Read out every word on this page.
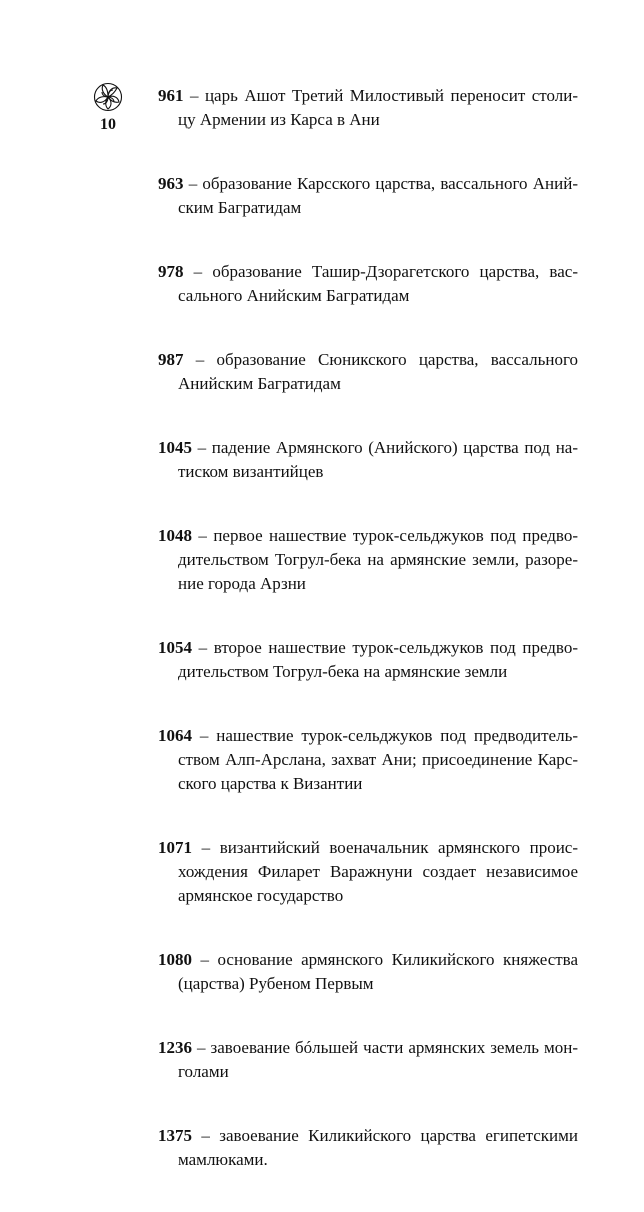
10
961 – царь Ашот Третий Милостивый переносит столи-
цу Армении из Карса в Ани
963 – образование Карсского царства, вассального Аний-
ским Багратидам
978 – образование Ташир-Дзорагетского царства, вас-
сального Анийским Багратидам
987 – образование Сюникского царства, вассального
Анийским Багратидам
1045 – падение Армянского (Анийского) царства под на-
тиском византийцев
1048 – первое нашествие турок-сельджуков под предво-
дительством Тогрул-бека на армянские земли, разоре-
ние города Арзни
1054 – второе нашествие турок-сельджуков под предво-
дительством Тогрул-бека на армянские земли
1064 – нашествие турок-сельджуков под предводитель-
ством Алп-Арслана, захват Ани; присоединение Карс-
ского царства к Византии
1071 – византийский военачальник армянского проис-
хождения Филарет Варажнуни создает независимое
армянское государство
1080 – основание армянского Киликийского княжества
(царства) Рубеном Первым
1236 – завоевание бóльшей части армянских земель мон-
голами
1375 – завоевание Киликийского царства египетскими
мамлюками.
